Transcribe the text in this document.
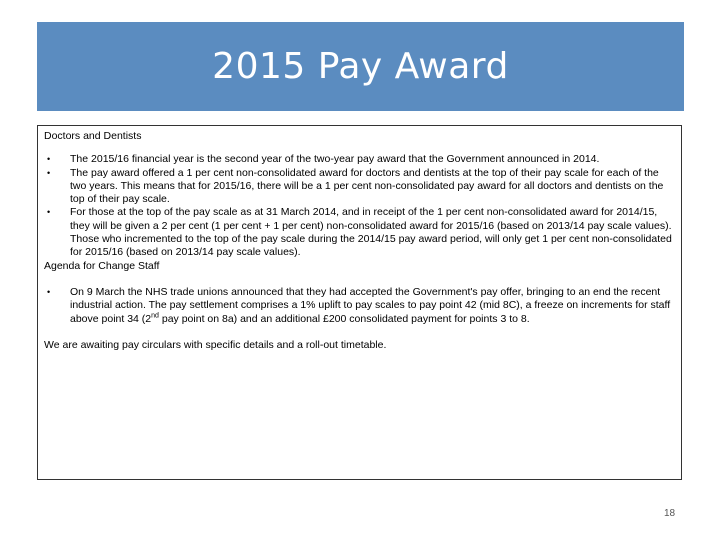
2015 Pay Award

Doctors and Dentists

• The 2015/16 financial year is the second year of the two-year pay award that the Government announced in 2014.
• The pay award offered a 1 per cent non-consolidated award for doctors and dentists at the top of their pay scale for each of the two years. This means that for 2015/16, there will be a 1 per cent non-consolidated pay award for all doctors and dentists on the top of their pay scale.
• For those at the top of the pay scale as at 31 March 2014, and in receipt of the 1 per cent non-consolidated award for 2014/15, they will be given a 2 per cent (1 per cent + 1 per cent) non-consolidated award for 2015/16 (based on 2013/14 pay scale values). Those who incremented to the top of the pay scale during the 2014/15 pay award period, will only get 1 per cent non-consolidated for 2015/16 (based on 2013/14 pay scale values).

Agenda for Change Staff

• On 9 March the NHS trade unions announced that they had accepted the Government's pay offer, bringing to an end the recent industrial action. The pay settlement comprises a 1% uplift to pay scales to pay point 42 (mid 8C), a freeze on increments for staff above point 34 (2nd pay point on 8a) and an additional £200 consolidated payment for points 3 to 8.

We are awaiting pay circulars with specific details and a roll-out timetable.

18
